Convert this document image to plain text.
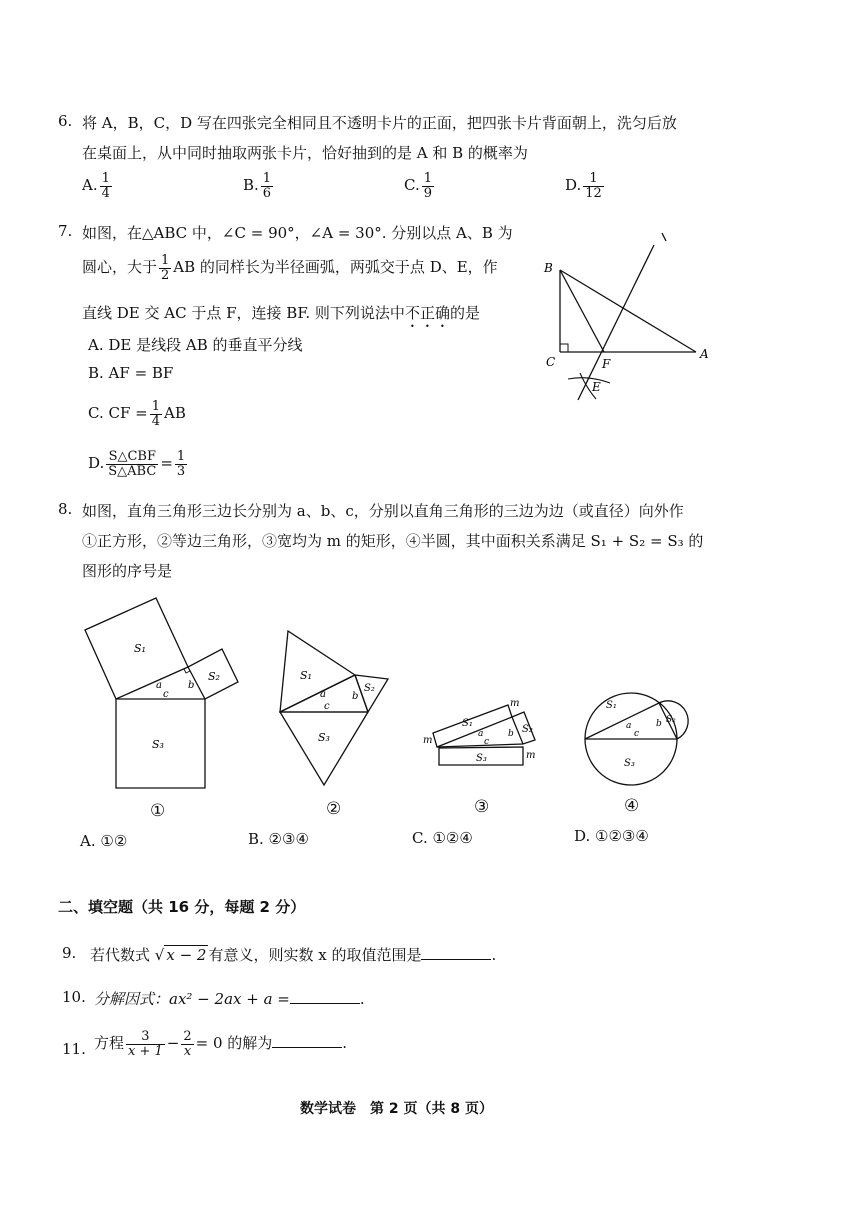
6. 将 A，B，C，D 写在四张完全相同且不透明卡片的正面，把四张卡片背面朝上，洗匀后放
在桌面上，从中同时抽取两张卡片，恰好抽到的是 A 和 B 的概率为
A. $\frac{1}{4}$	B. $\frac{1}{6}$	C. $\frac{1}{9}$	D. $\frac{1}{12}$
7. 如图，在△ABC 中，∠C = 90°，∠A = 30°. 分别以点 A、B 为
圆心，大于 $\frac{1}{2}$ AB 的同样长为半径画弧，两弧交于点 D、E，作
直线 DE 交 AC 于点 F，连接 BF. 则下列说法中不正确的是
A. DE 是线段 AB 的垂直平分线
B. AF = BF
C. CF = $\frac{1}{4}$ AB
D. $\frac{\text{S△CBF}}{\text{S△ABC}} = \frac{1}{3}$
B
C	F
A
E
8. 如图，直角三角形三边长分别为 a、b、c，分别以直角三角形的三边为边（或直径）向外作
①正方形，②等边三角形，③宽均为 m 的矩形，④半圆，其中面积关系满足 S₁ + S₂ = S₃ 的
图形的序号是
S₁
S₂
S₃
a	b
c
S₁
S₂
S₃
a	b
c
S₁
S₂
S₃
a	b
c
m
m
m
S₁
S₂
S₃
a	b
c
①	②	③	④
A. ①②	B. ②③④	C. ①②④	D. ①②③④
二、填空题（共 16 分，每题 2 分）
9. 若代数式 √ x − 2 有意义，则实数 x 的取值范围是	.
10. 分解因式：ax² − 2ax + a =	.
11. 方程 $\frac{3}{x + 1} - \frac{2}{x} = 0$ 的解为	.
数学试卷　第 2 页（共 8 页）
